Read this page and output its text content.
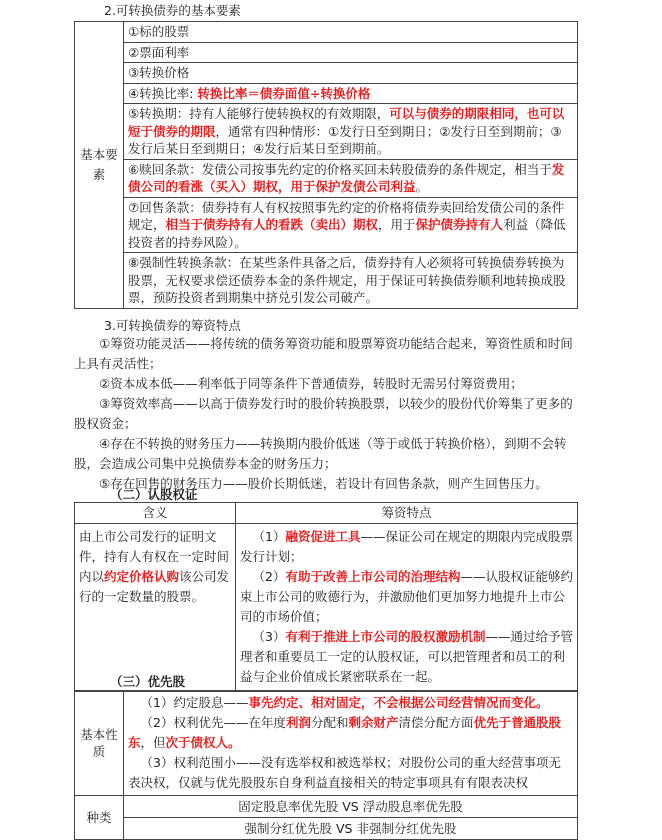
2.可转换债券的基本要素
基本要素	①标的股票
②票面利率
③转换价格
④转换比率: 转换比率＝债券面值÷转换价格
⑤转换期：持有人能够行使转换权的有效期限，可以与债券的期限相同，也可以短于债券的期限，通常有四种情形：①发行日至到期日；②发行日至到期前；③发行后某日至到期日；④发行后某日至到期前。
⑥赎回条款：发债公司按事先约定的价格买回未转股债券的条件规定，相当于发债公司的看涨（买入）期权，用于保护发债公司利益。
⑦回售条款：债券持有人有权按照事先约定的价格将债券卖回给发债公司的条件规定，相当于债券持有人的看跌（卖出）期权，用于保护债券持有人利益（降低投资者的持券风险）。
⑧强制性转换条款：在某些条件具备之后，债券持有人必须将可转换债券转换为股票，无权要求偿还债券本金的条件规定，用于保证可转换债券顺利地转换成股票，预防投资者到期集中挤兑引发公司破产。
3.可转换债券的筹资特点

①筹资功能灵活——将传统的债务筹资功能和股票筹资功能结合起来，筹资性质和时间上具有灵活性；

②资本成本低——利率低于同等条件下普通债券，转股时无需另付筹资费用；

③筹资效率高——以高于债券发行时的股价转换股票，以较少的股份代价筹集了更多的股权资金；

④存在不转换的财务压力——转换期内股价低迷（等于或低于转换价格），到期不会转股，会造成公司集中兑换债券本金的财务压力；

⑤存在回售的财务压力——股价长期低迷，若设计有回售条款，则产生回售压力。

（二）认股权证
含义	筹资特点
由上市公司发行的证明文件，持有人有权在一定时间内以约定价格认购该公司发行的一定数量的股票。	（1）融资促进工具——保证公司在规定的期限内完成股票发行计划；
（2）有助于改善上市公司的治理结构——认股权证能够约束上市公司的败德行为，并激励他们更加努力地提升上市公司的市场价值；
（3）有利于推进上市公司的股权激励机制——通过给予管理者和重要员工一定的认股权证，可以把管理者和员工的利益与企业价值成长紧密联系在一起。
（三）优先股
基本性质	（1）约定股息——事先约定、相对固定，不会根据公司经营情况而变化。
（2）权利优先——在年度利润分配和剩余财产清偿分配方面优先于普通股股东，但次于债权人。
（3）权利范围小——没有选举权和被选举权；对股份公司的重大经营事项无表决权，仅就与优先股股东自身利益直接相关的特定事项具有有限表决权

种类	固定股息率优先股 VS 浮动股息率优先股
	强制分红优先股 VS 非强制分红优先股
